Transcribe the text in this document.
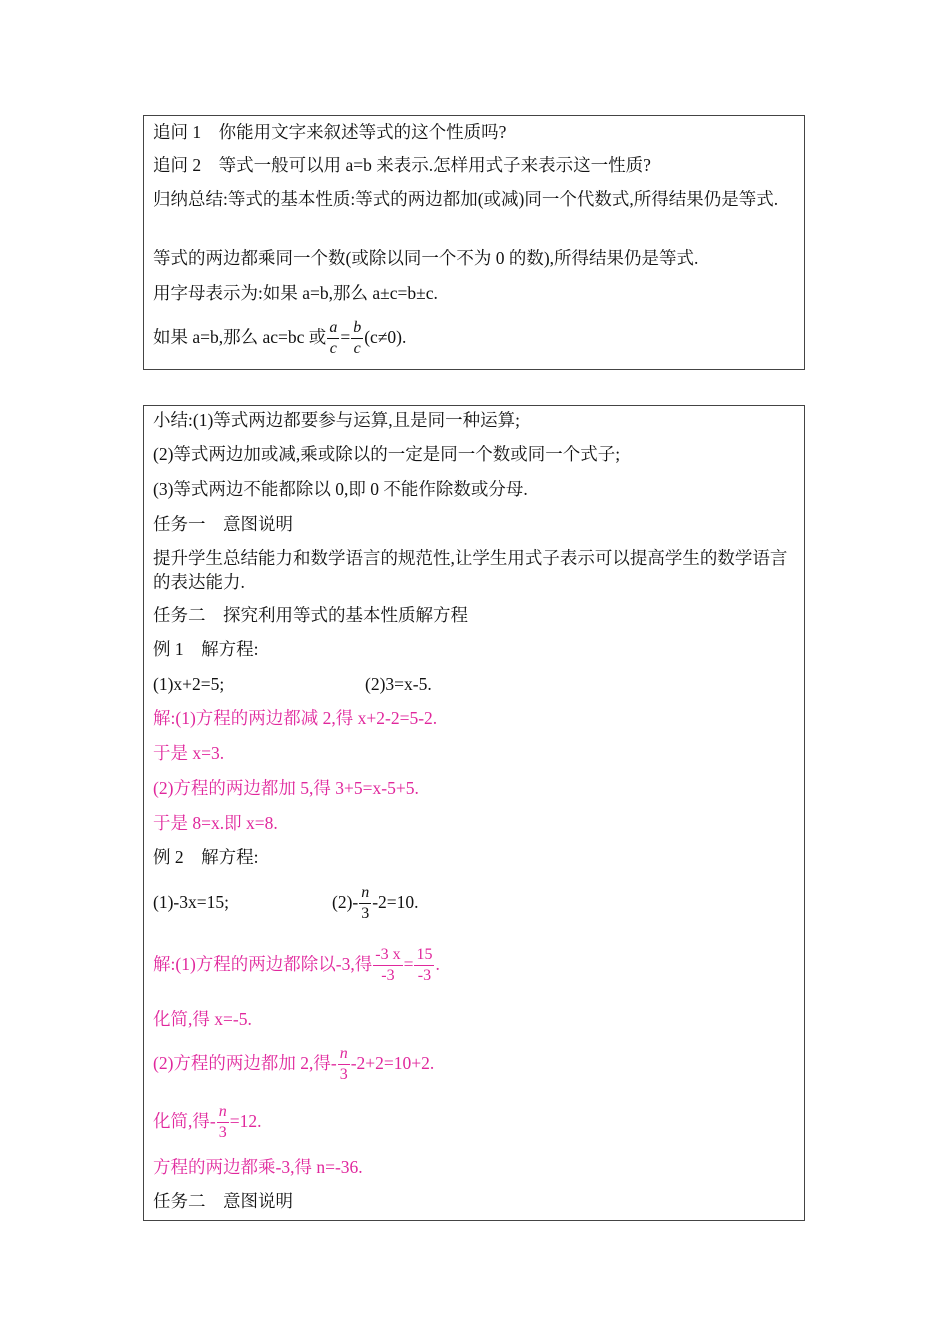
追问 1　你能用文字来叙述等式的这个性质吗?
追问 2　等式一般可以用 a=b 来表示.怎样用式子来表示这一性质?
归纳总结:等式的基本性质:等式的两边都加(或减)同一个代数式,所得结果仍是等式.
等式的两边都乘同一个数(或除以同一个不为 0 的数),所得结果仍是等式.
用字母表示为:如果 a=b,那么 a±c=b±c.
如果 a=b,那么 ac=bc 或 $\frac{a}{c} = \frac{b}{c} (c\ne 0)$.
小结:(1)等式两边都要参与运算,且是同一种运算;
(2)等式两边加或减,乘或除以的一定是同一个数或同一个式子;
(3)等式两边不能都除以 0,即 0 不能作除数或分母.
任务一　意图说明
提升学生总结能力和数学语言的规范性,让学生用式子表示可以提高学生的数学语言的表达能力.
任务二　探究利用等式的基本性质解方程
例 1　解方程:
(1)x+2=5;	(2)3=x-5.
解:(1)方程的两边都减 2,得 x+2-2=5-2.
于是 x=3.
(2)方程的两边都加 5,得 3+5=x-5+5.
于是 8=x.即 x=8.
例 2　解方程:
(1)-3x=15;	$(2)- \frac{n}{3} -2=10$.
解:(1)方程的两边都除以-3,得 $\frac{-3 x}{-3} = \frac{15}{-3}$ .
化简,得 x=-5.
(2)方程的两边都加 2,得- $\frac{n}{3} -2+2=10+2$.
化简,得- $\frac{n}{3} =12$.
方程的两边都乘-3,得 n=-36.
任务二　意图说明
